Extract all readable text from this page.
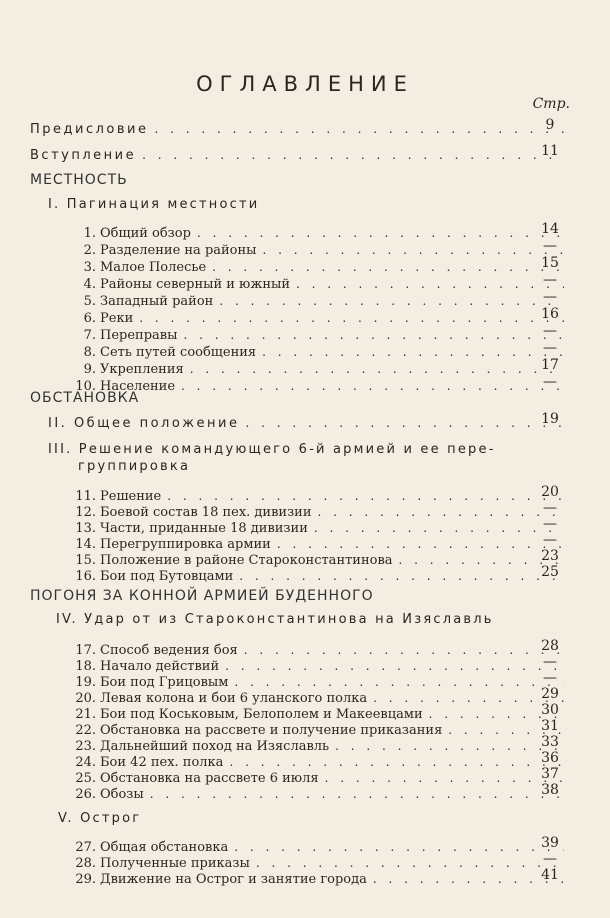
ОГЛАВЛЕНИЕ
Стр.
Предисловие . . .	9
Вступление . . .	11
МЕСТНОСТЬ
I. Пагинация местности
1. Общий обзор . . .	14
2. Разделение на районы . . .	—
3. Малое Полесье . . .	15
4. Районы северный и южный . . .	—
5. Западный район . . .	—
6. Реки . . .	16
7. Переправы . . .	—
8. Сеть путей сообщения . . .	—
9. Укрепления . . .	17
10. Население . . .	—
ОБСТАНОВКА
II. Общее положение . . .	19
III. Решение командующего 6-й армией и ее пере-
группировка
11. Решение . . .	20
12. Боевой состав 18 пех. дивизии . . .	—
13. Части, приданные 18 дивизии . . .	—
14. Перегруппировка армии . . .	—
15. Положение в районе Староконстантинова . . .	23
16. Бои под Бутовцами . . .	25
ПОГОНЯ ЗА КОННОЙ АРМИЕЙ БУДЕННОГО
IV. Удар от из Староконстантинова на Изяславль
17. Способ ведения боя . . .	28
18. Начало действий . . .	—
19. Бои под Грицовым . . .	—
20. Левая колона и бои 6 уланского полка . . .	29
21. Бои под Коськовым, Белополем и Макеевцами . . .	30
22. Обстановка на рассвете и получение приказания . . .	31
23. Дальнейший поход на Изяславль . . .	33
24. Бои 42 пех. полка . . .	36
25. Обстановка на рассвете 6 июля . . .	37
26. Обозы . . .	38
V. Острог
27. Общая обстановка . . .	39
28. Полученные приказы . . .	—
29. Движение на Острог и занятие города . . .	41
